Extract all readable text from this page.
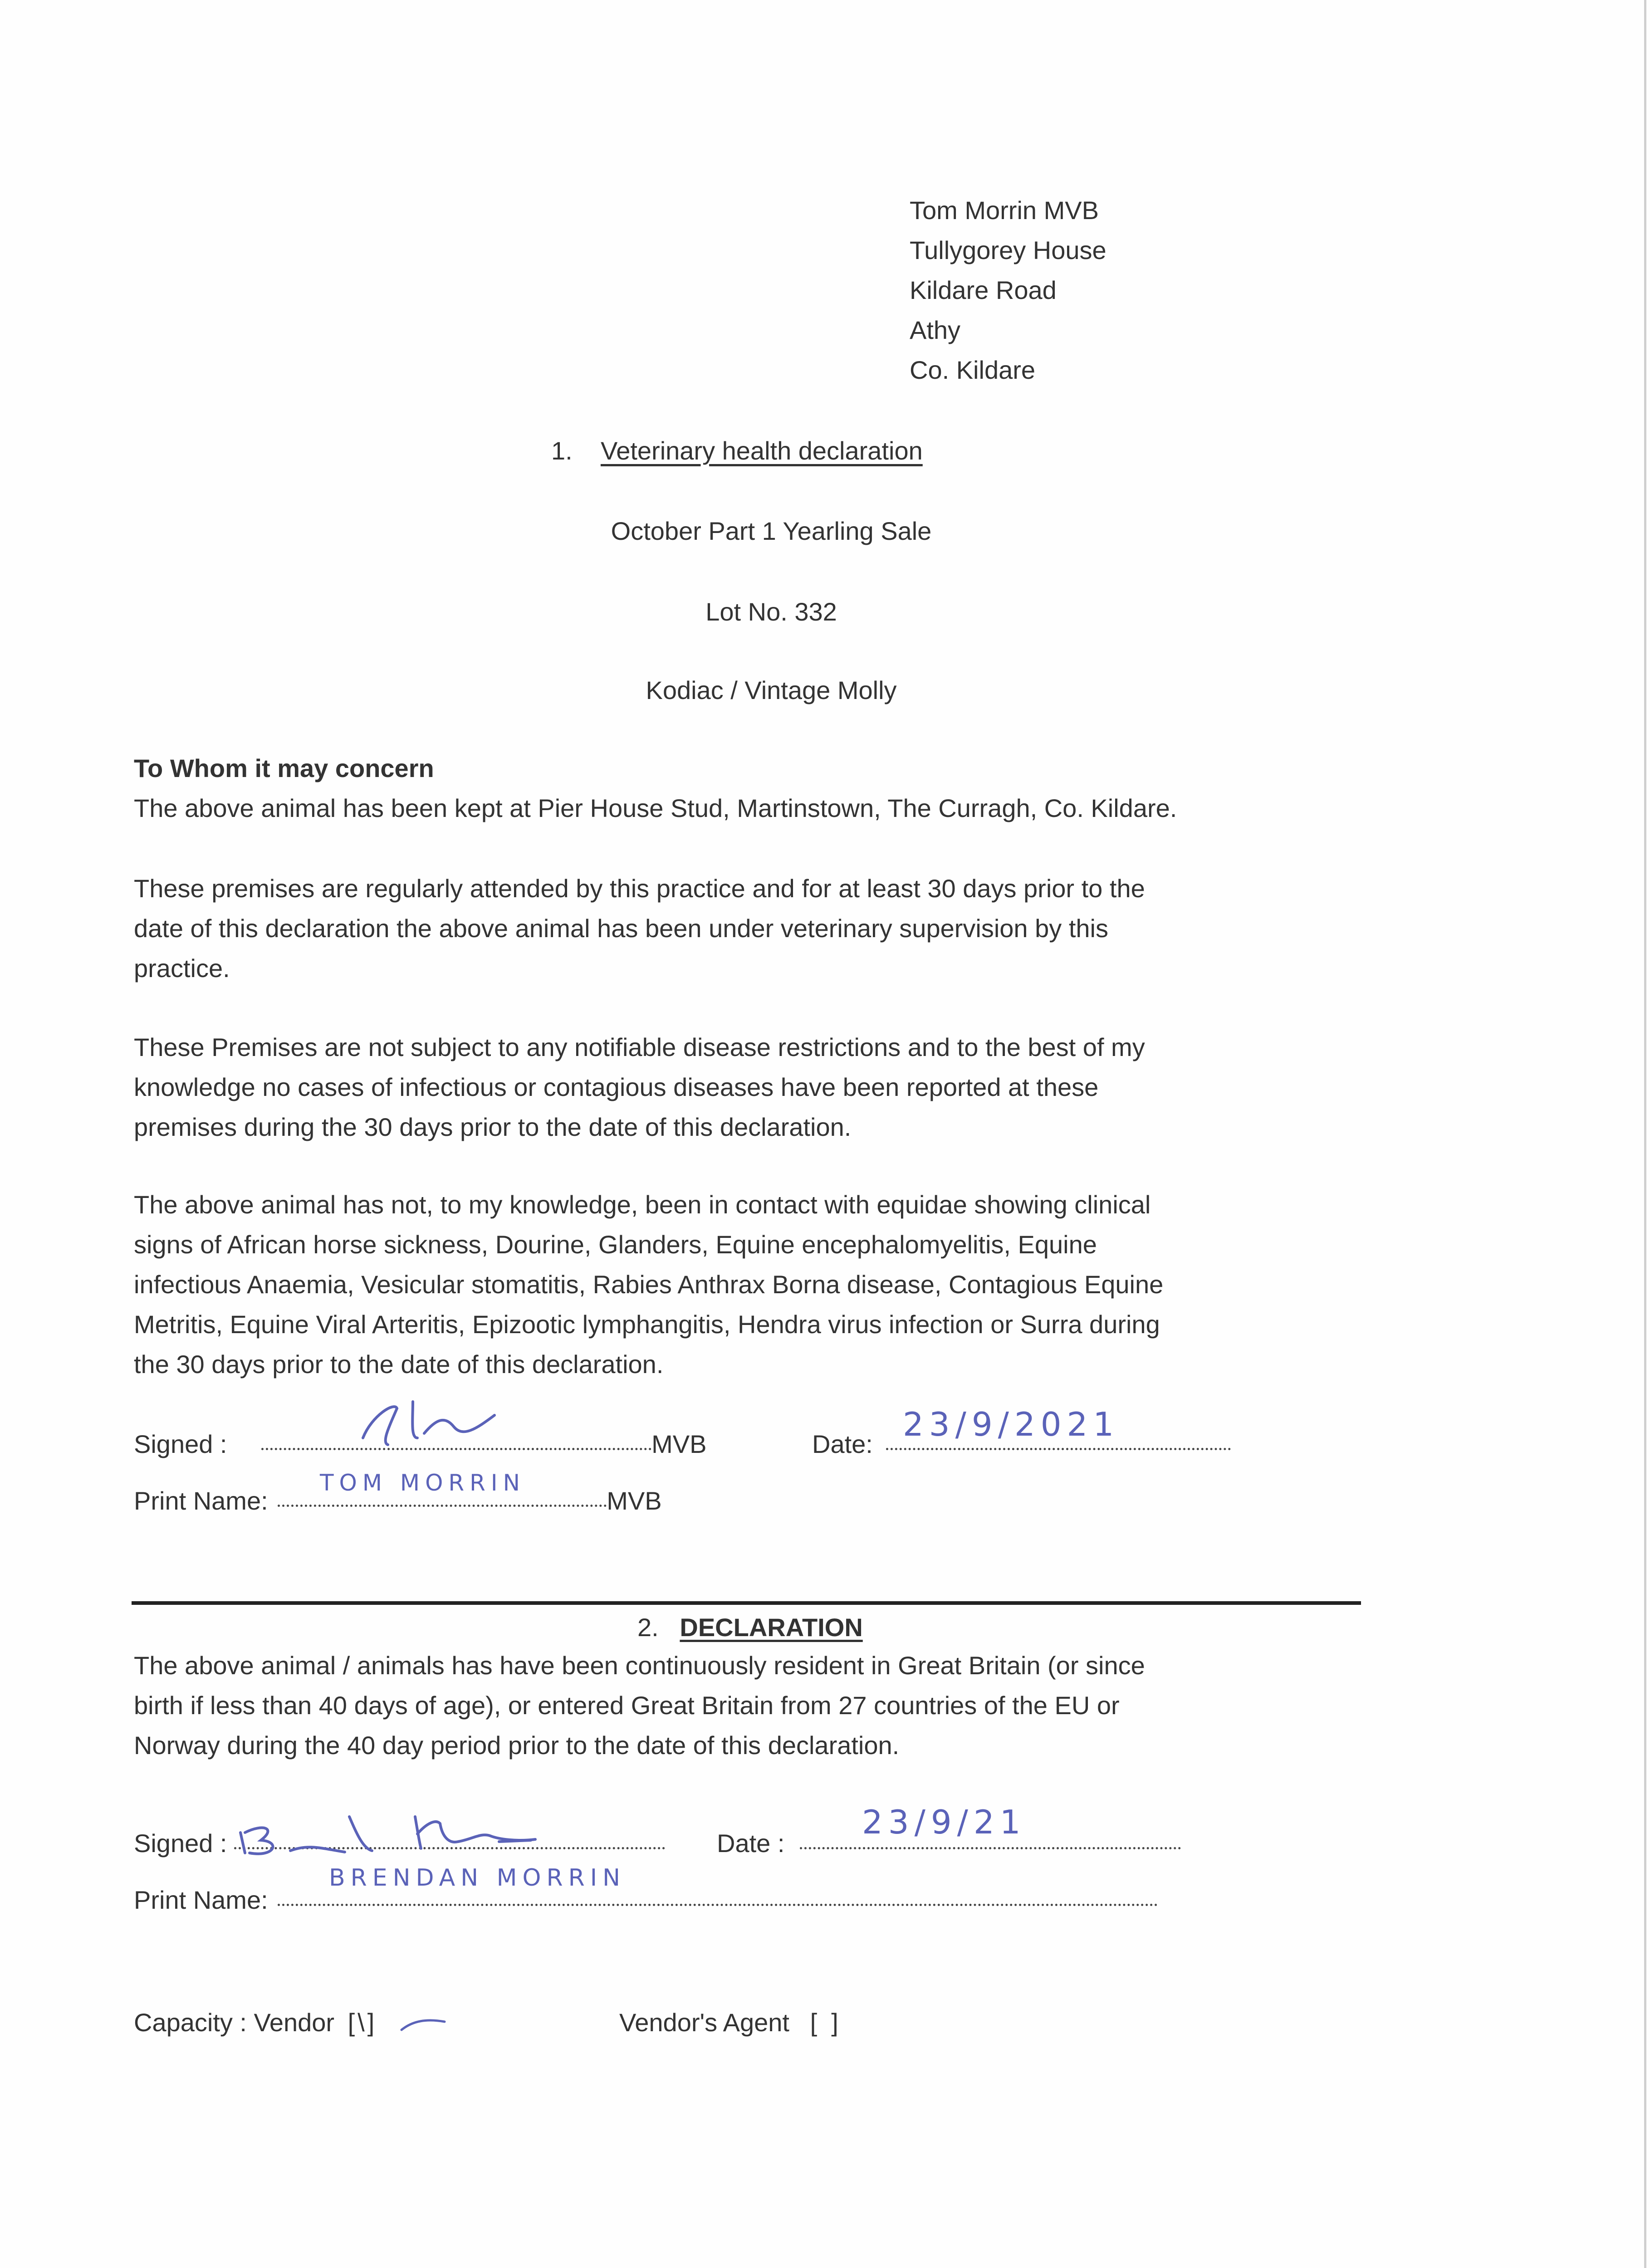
Tom Morrin MVB
Tullygorey House
Kildare Road
Athy
Co. Kildare
1. Veterinary health declaration
October Part 1 Yearling Sale
Lot No. 332
Kodiac / Vintage Molly
To Whom it may concern
The above animal has been kept at Pier House Stud, Martinstown, The Curragh, Co. Kildare.
These premises are regularly attended by this practice and for at least 30 days prior to the
date of this declaration the above animal has been under veterinary supervision by this
practice.
These Premises are not subject to any notifiable disease restrictions and to the best of my
knowledge no cases of infectious or contagious diseases have been reported at these
premises during the 30 days prior to the date of this declaration.
The above animal has not, to my knowledge, been in contact with equidae showing clinical
signs of African horse sickness, Dourine, Glanders, Equine encephalomyelitis, Equine
infectious Anaemia, Vesicular stomatitis, Rabies Anthrax Borna disease, Contagious Equine
Metritis, Equine Viral Arteritis, Epizootic lymphangitis, Hendra virus infection or Surra during
the 30 days prior to the date of this declaration.
Signed :	MVB	Date:
23/9/2021
Print Name:	MVB
TOM MORRIN
2. DECLARATION
The above animal / animals has have been continuously resident in Great Britain (or since
birth if less than 40 days of age), or entered Great Britain from 27 countries of the EU or
Norway during the 40 day period prior to the date of this declaration.
Signed :	Date :
23/9/21
Print Name:
BRENDAN MORRIN
Capacity : Vendor [\]	Vendor's Agent [  ]
